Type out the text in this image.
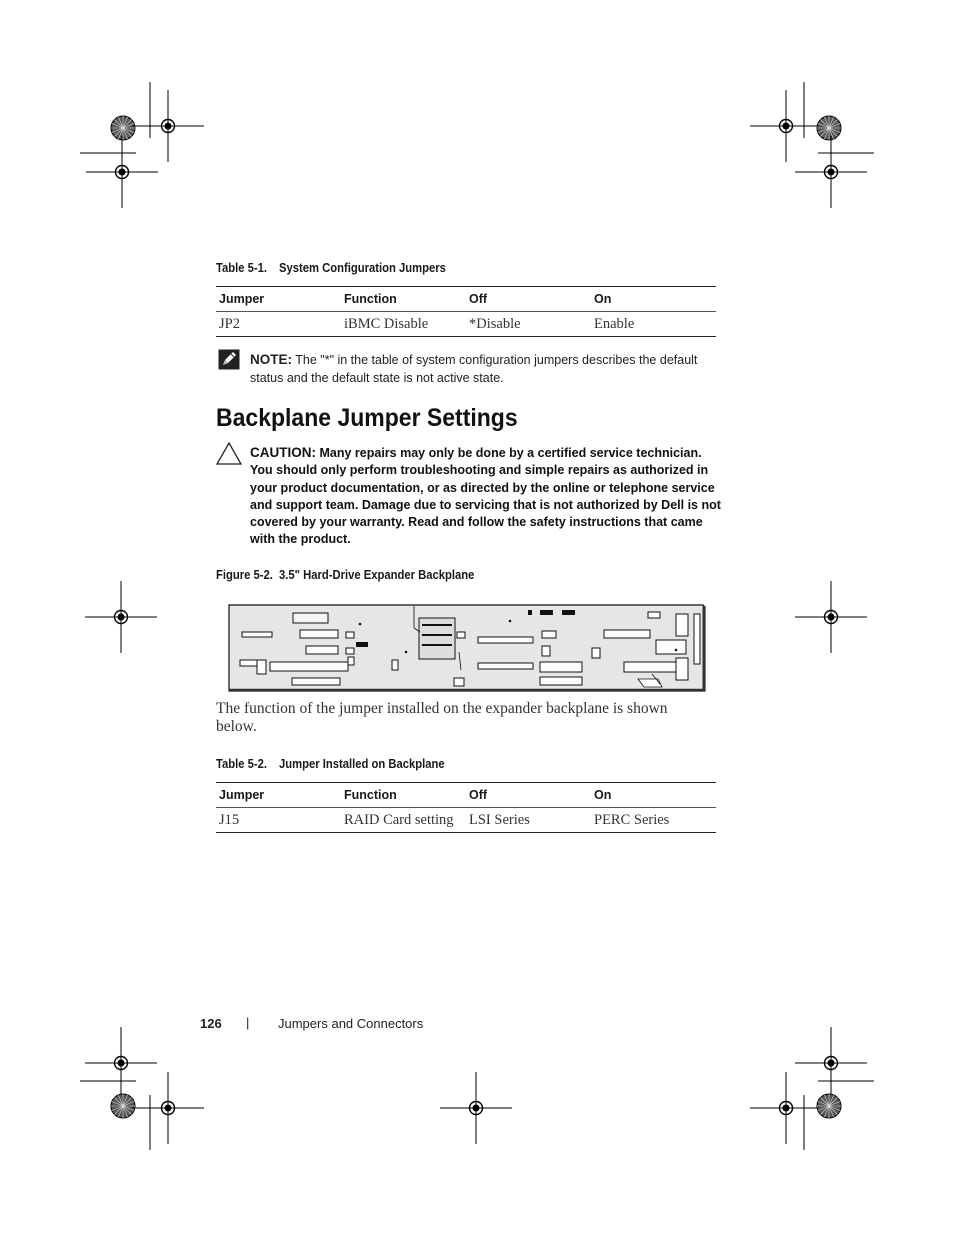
Table 5-1. System Configuration Jumpers
Jumper	Function	Off	On
JP2	iBMC Disable	*Disable	Enable
NOTE: The "*" in the table of system configuration jumpers describes the default
status and the default state is not active state.
Backplane Jumper Settings
CAUTION: Many repairs may only be done by a certified service technician.
You should only perform troubleshooting and simple repairs as authorized in
your product documentation, or as directed by the online or telephone service
and support team. Damage due to servicing that is not authorized by Dell is not
covered by your warranty. Read and follow the safety instructions that came
with the product.
Figure 5-2. 3.5" Hard-Drive Expander Backplane
The function of the jumper installed on the expander backplane is shown below.
Table 5-2. Jumper Installed on Backplane
Jumper	Function	Off	On
J15	RAID Card setting	LSI Series	PERC Series
126 | Jumpers and Connectors
